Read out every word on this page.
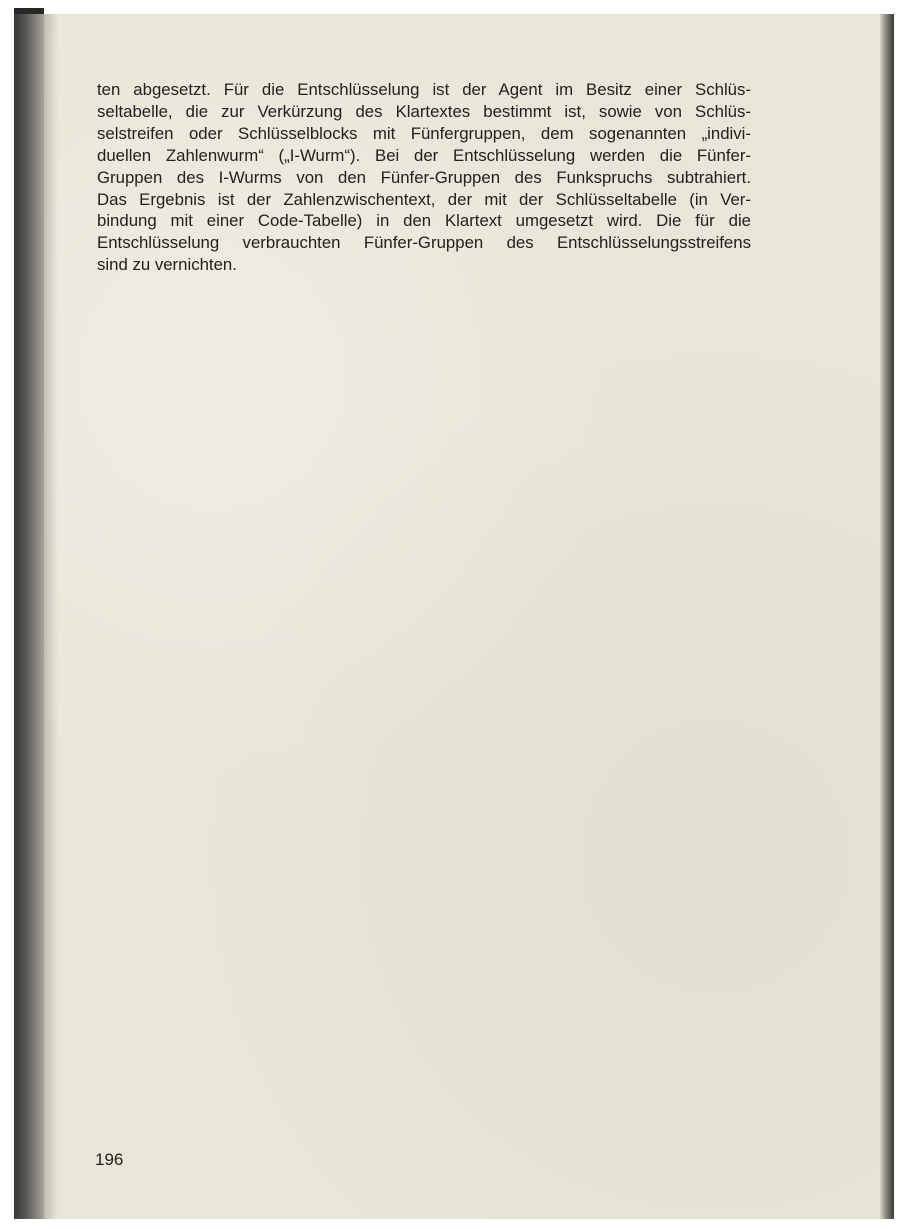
ten abgesetzt. Für die Entschlüsselung ist der Agent im Besitz einer Schlüs-
seltabelle, die zur Verkürzung des Klartextes bestimmt ist, sowie von Schlüs-
selstreifen oder Schlüsselblocks mit Fünfergruppen, dem sogenannten „indivi-
duellen Zahlenwurm“ („I-Wurm“). Bei der Entschlüsselung werden die Fünfer-
Gruppen des I-Wurms von den Fünfer-Gruppen des Funkspruchs subtrahiert.
Das Ergebnis ist der Zahlenzwischentext, der mit der Schlüsseltabelle (in Ver-
bindung mit einer Code-Tabelle) in den Klartext umgesetzt wird. Die für die
Entschlüsselung verbrauchten Fünfer-Gruppen des Entschlüsselungsstreifens
sind zu vernichten.

196
